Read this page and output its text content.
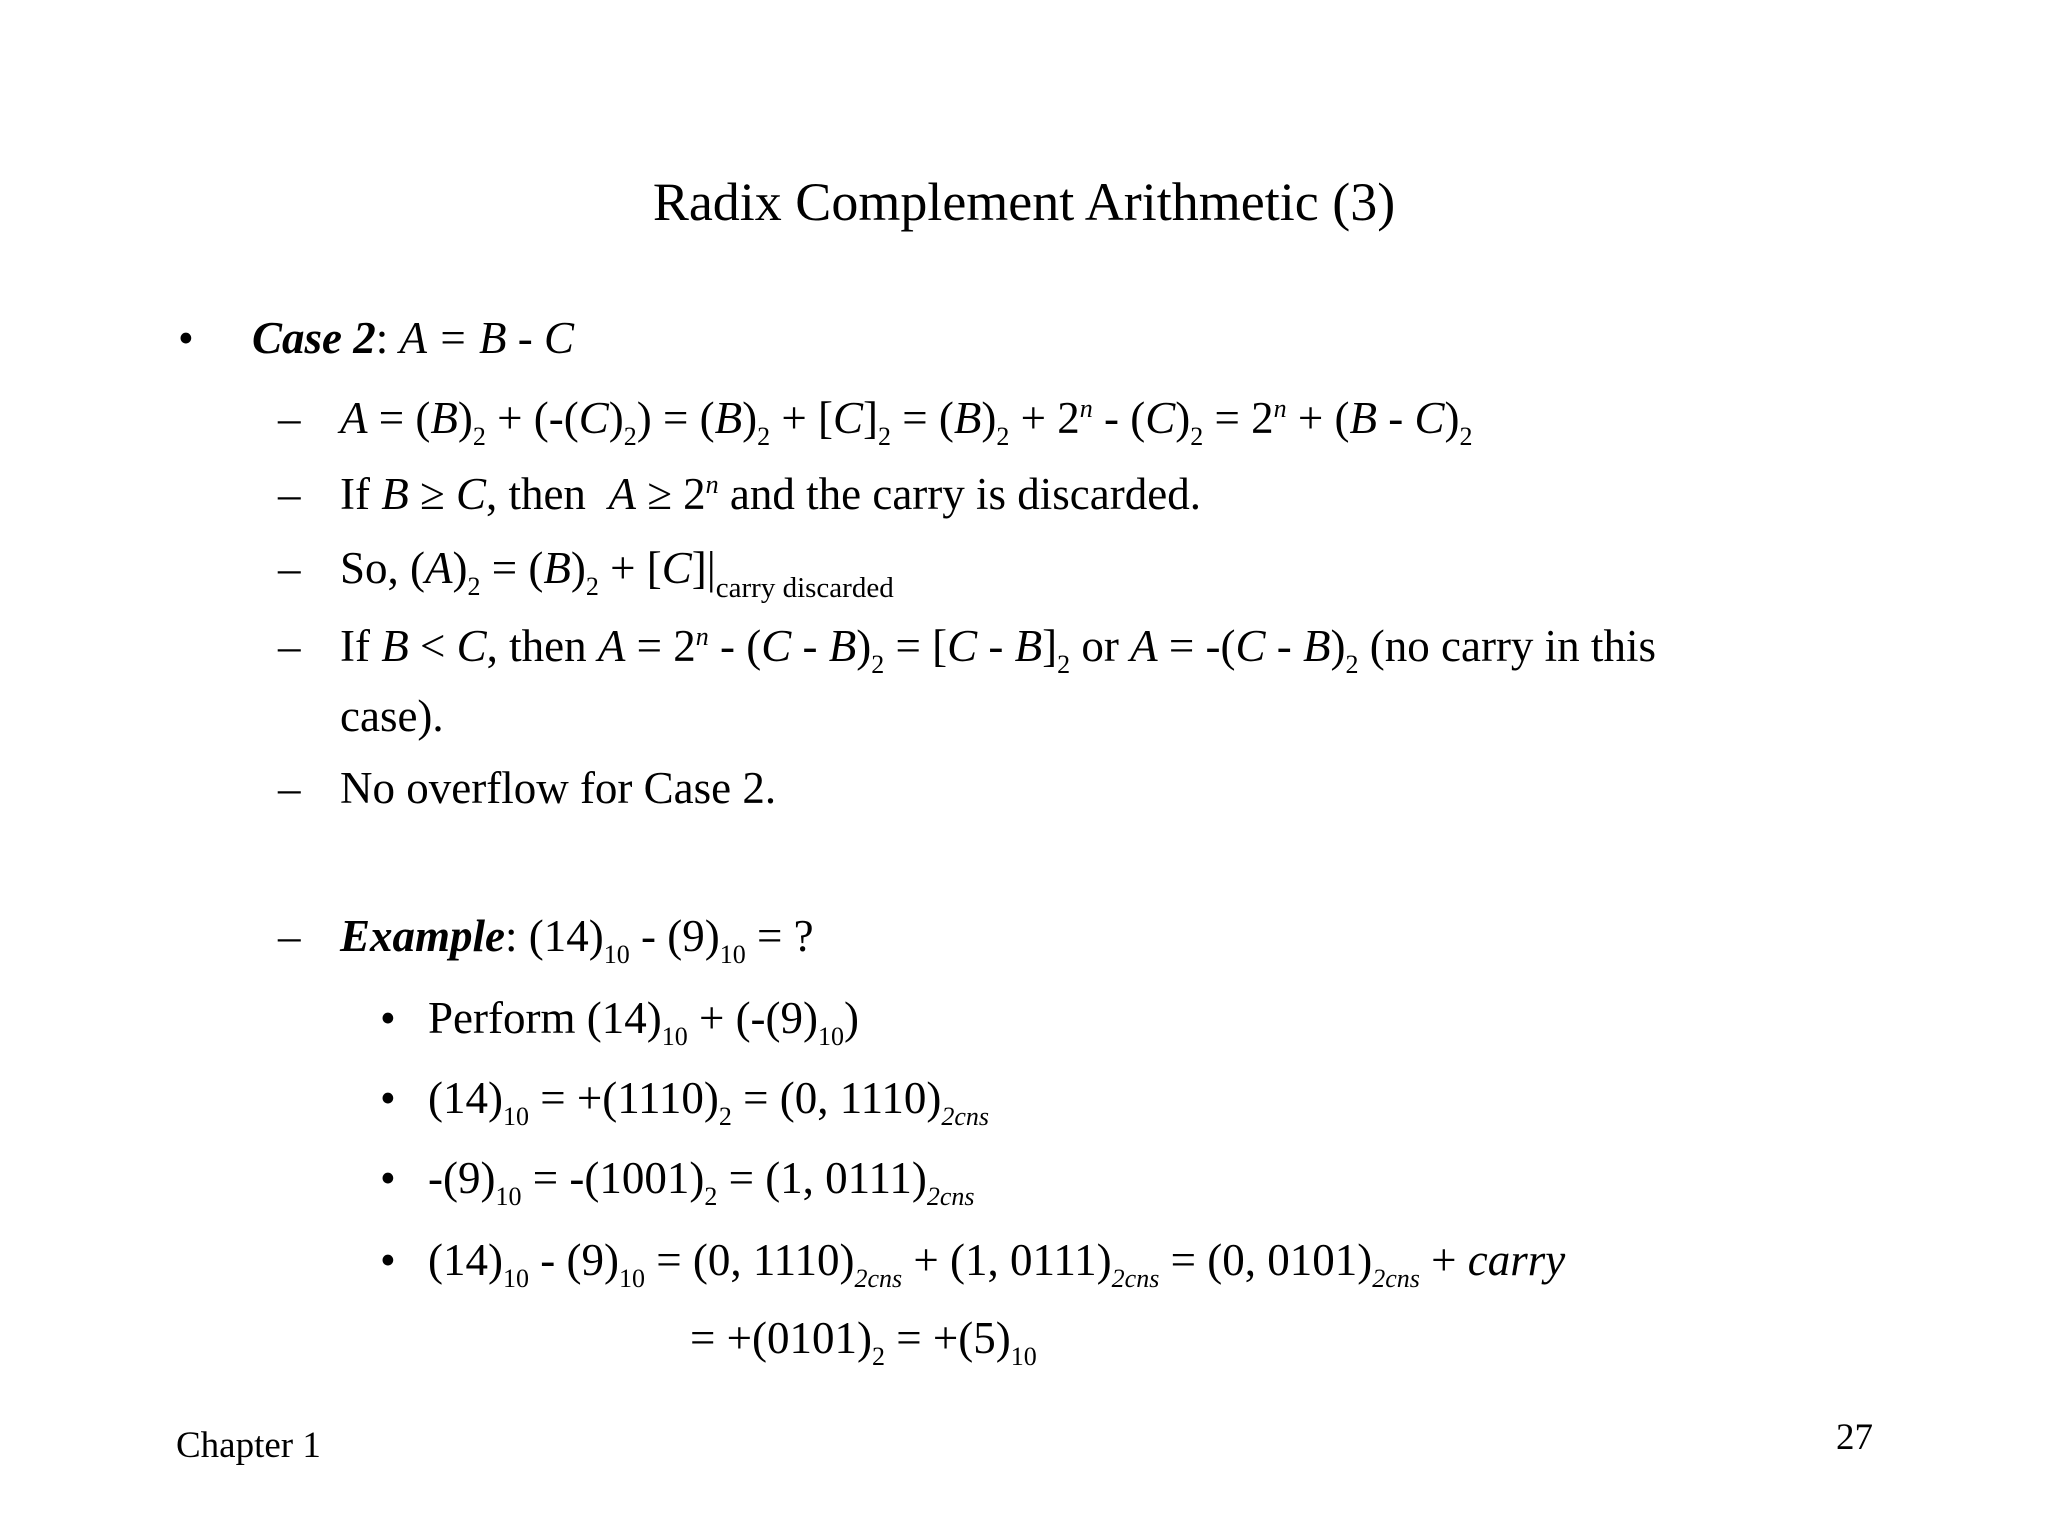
Radix Complement Arithmetic (3)
• Case 2: A = B - C
– $A = (B)_2 + (-(C)_2) = (B)_2 + [C]_2 = (B)_2 + 2^n - (C)_2 = 2^n + (B - C)_2$
– If B ≥ C, then  $A \ge 2^n$ and the carry is discarded.
– So, $(A)_2 = (B)_2 + [C]|_{carry discarded}$
– If B < C, then $A = 2^n - (C - B)_2 = [C - B]_2$ or $A = -(C - B)_2$ (no carry in this
case).
– No overflow for Case 2.
– Example: $(14)_{10} - (9)_{10}$ = ?
• Perform $(14)_{10} + (-(9)_{10})$
• $(14)_{10} = +(1110)_2 = (0$, $1110)_{2cns}$
• $-(9)_{10} = -(1001)_2 = (1$, $0111)_{2cns}$
• $(14)_{10} - (9)_{10} = (0$, $1110)_{2cns} + (1$, $0111)_{2cns} = (0$, $0101)_{2cns}$ + carry
= $+(0101)_2 = +(5)_{10}$
Chapter 1	27
